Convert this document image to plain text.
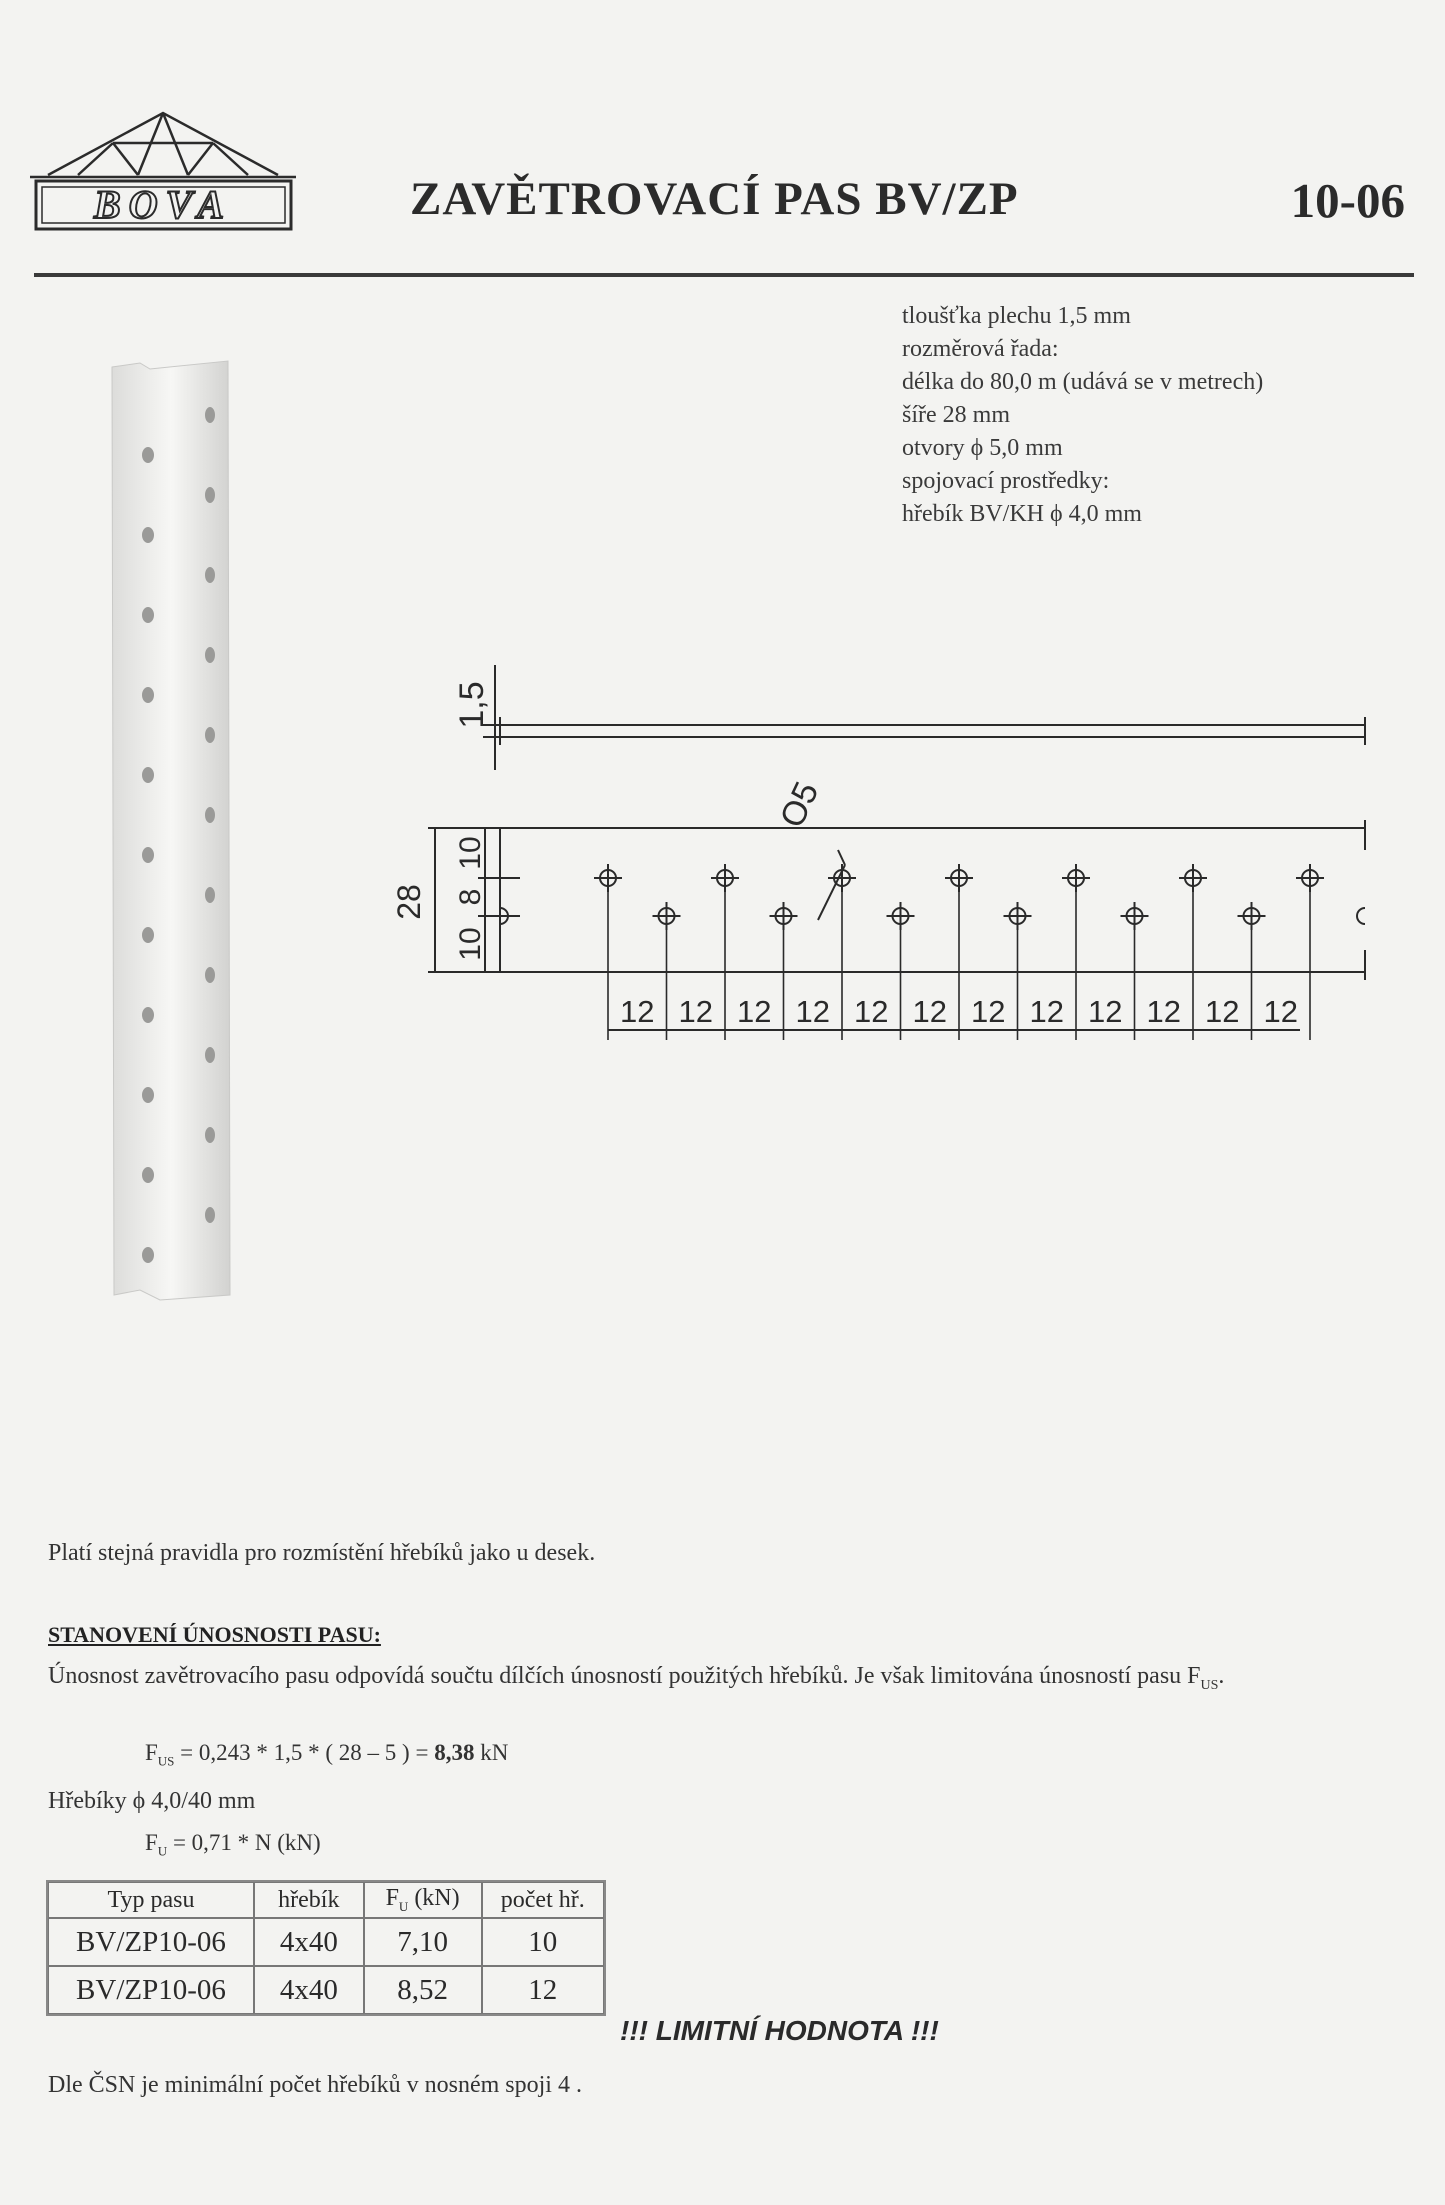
BOVA	ZAVĚTROVACÍ PAS BV/ZP	10-06
tloušťka plechu 1,5 mm
rozměrová řada:
délka do 80,0 m (udává se v metrech)
šíře 28 mm
otvory ϕ 5,0 mm
spojovací prostředky:
hřebík BV/KH ϕ 4,0 mm
1,5
O5
28
10
8
10
12 12 12 12 12 12 12 12 12 12 12 12
Platí stejná pravidla pro rozmístění hřebíků jako u desek.
STANOVENÍ ÚNOSNOSTI PASU:
Únosnost zavětrovacího pasu odpovídá součtu dílčích únosností použitých hřebíků. Je však limitována únosností pasu $F_{US}$.
$F_{US} = 0,243 * 1,5$ * ( 28 – 5 ) = 8,38 kN
Hřebíky ϕ 4,0/40 mm
$F_U = 0,71 * N$ (kN)
Typ pasu	hřebík	$F_U$ (kN)	počet hř.
BV/ZP10-06	4x40	7,10	10
BV/ZP10-06	4x40	8,52	12
!!! LIMITNÍ HODNOTA !!!
Dle ČSN je minimální počet hřebíků v nosném spoji 4 .
